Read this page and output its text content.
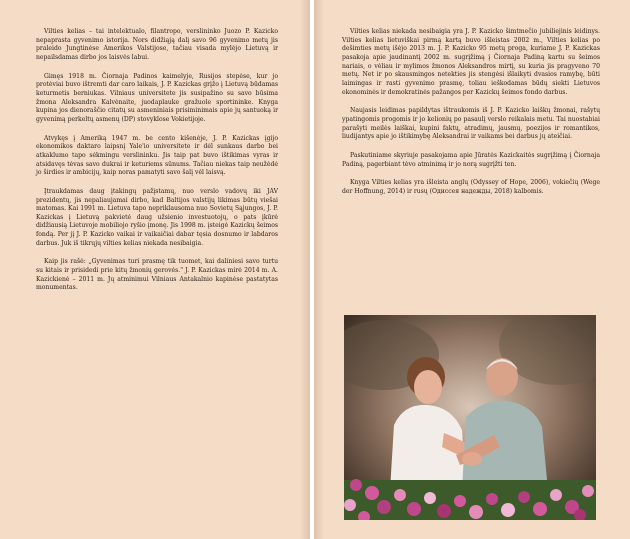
Vilties kelias – tai intelektualo, filantropo, verslininko Juozo P. Kazicko nepaprasta gyvenimo istorija. Nors didžiąją dalį savo 96 gyvenimo metų jis praleido Jungtinėse Amerikos Valstijose, tačiau visada mylėjo Lietuvą ir nepailsdamas dirbo jos laisvės labui.

Gimęs 1918 m. Čiornaja Padinos kaimelyje, Rusijos stepėse, kur jo protėviai buvo ištremti dar caro laikais, J. P. Kazickas grįžo į Lietuvą būdamas keturmetis berniukas. Vilniaus universitete jis susipažino su savo būsima žmona Aleksandra Kalvėnaite, juodaplauke gražuole sportininke. Knyga kupina jos dienoraščio citatų su asmeniniais prisiminimais apie jų santuoką ir gyvenimą perkeltų asmenų (DP) stovyklose Vokietijoje.

Atvykęs į Ameriką 1947 m. be cento kišenėje, J. P. Kazickas įgijo ekonomikos daktaro laipsnį Yale'io universitete ir dėl sunkaus darbo bei atkaklumo tapo sėkmingu verslininku. Jis taip pat buvo ištikimas vyras ir atsidavęs tėvas savo dukrai ir keturiems sūnums. Tačiau niekas taip neužėdė jo širdies ir ambicijų, kaip noras pamatyti savo šalį vėl laisvą.

Įtraukdamas daug įtakingų pažįstamų, nuo verslo vadovų iki JAV prezidentų, jis nepaliaujamai dirbo, kad Baltijos valstijų likimas būtų viešai matomas. Kai 1991 m. Lietuva tapo nepriklausoma nuo Sovietų Sąjungos, J. P. Kazickas į Lietuvą pakvietė daug užsienio investuotojų, o pats įkūrė didžiausią Lietuvoje mobiliojo ryšio įmonę. Jis 1998 m. įsteigė Kazickų šeimos fondą. Per jį J. P. Kazicko vaikai ir vaikaičiai dabar tęsia dosnumo ir labdaros darbus. Juk iš tikrųjų vilties kelias niekada nesibaigia.

Kaip jis rašė: „Gyvenimas turi prasmę tik tuomet, kai daliniesi savo turtu su kitais ir prisidedi prie kitų žmonių gerovės." J. P. Kazickas mirė 2014 m. A. Kazickienė – 2011 m. Jų atminimui Vilniaus Antakalnio kapinėse pastatytas monumentas.

Vilties kelias niekada nesibaigia yra J. P. Kazicko šimtmečio jubiliejinis leidinys. Vilties kelias lietuviškai pirmą kartą buvo išleistas 2002 m., Vilties kelias po dešimties metų išėjo 2013 m. J. P. Kazicko 95 metų proga, kuriame J. P. Kazickas pasakoja apie jaudinantį 2002 m. sugrįžimą į Čiornaja Padiną kartu su šeimos nariais, o vėliau ir mylimos žmonos Aleksandros mirtį, su kuria jis pragyveno 70 metų. Net ir po skausmingos netekties jis stengėsi išlaikyti dvasios ramybę, būti laimingas ir rasti gyvenimo prasmę, toliau ieškodamas būdų siekti Lietuvos ekonominės ir demokratinės pažangos per Kazickų šeimos fondo darbus.

Naujasis leidimas papildytas ištraukomis iš J. P. Kazicko laiškų žmonai, rašytų ypatingomis progomis ir jo kelionių po pasaulį verslo reikalais metu. Tai nuostabiai parašyti meilės laiškai, kupini faktų, atradimų, jausmų, poezijos ir romantikos, liudijantys apie jo ištikimybę Aleksandrai ir vaikams bei darbus jų ateičiai.

Paskutiniame skyriuje pasakojama apie Jūratės Kazickaitės sugrįžimą į Čiornaja Padiną, pagerbiant tėvo atminimą ir jo norą sugrįžti ten.

Knyga Vilties kelias yra išleista anglų (Odyssey of Hope, 2006), vokiečių (Wege der Hoffnung, 2014) ir rusų (Одиссея надежды, 2018) kalbomis.
